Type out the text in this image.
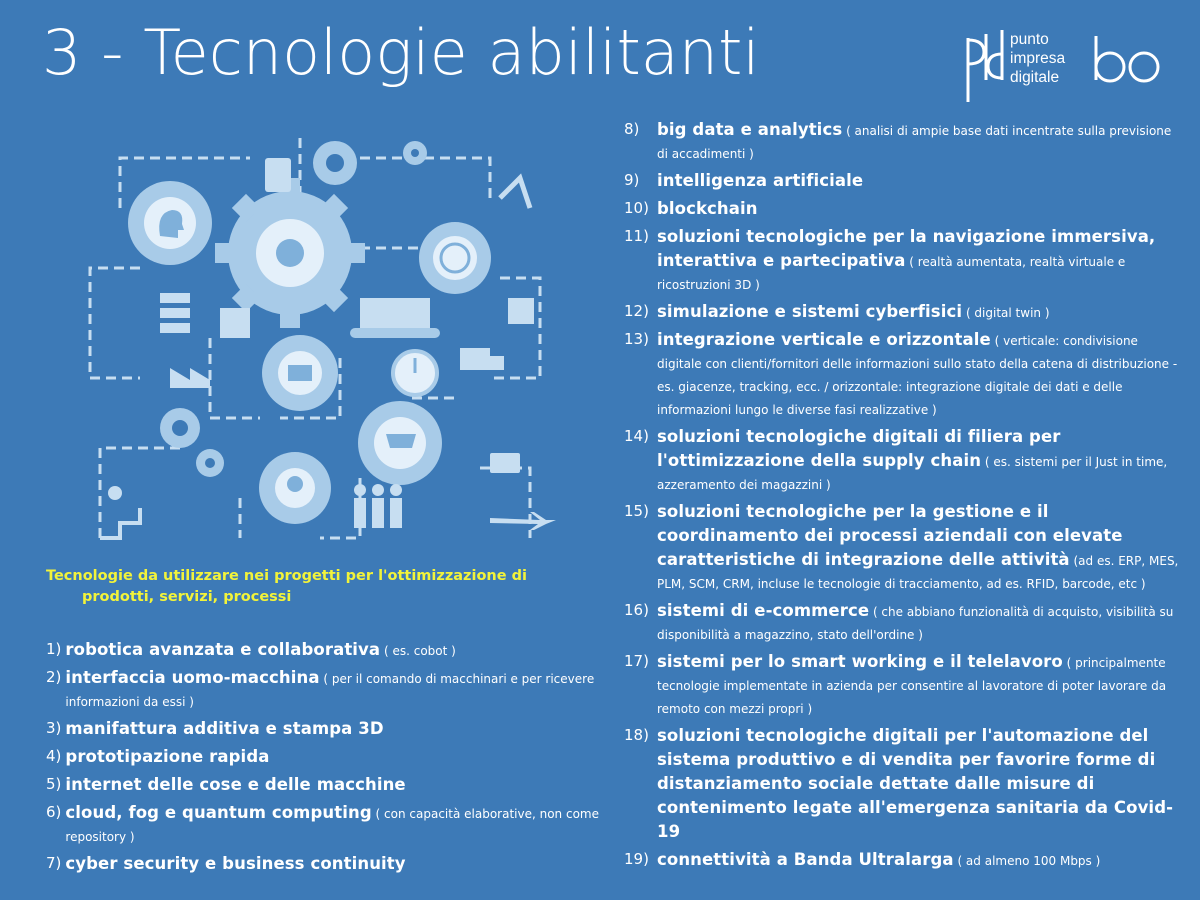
3 - Tecnologie abilitanti	punto
impresa
digitale
Tecnologie da utilizzare nei progetti per l'ottimizzazione di
prodotti, servizi, processi
1) robotica avanzata e collaborativa ( es. cobot )
2) interfaccia uomo-macchina ( per il comando di macchinari e per ricevere informazioni da essi )
3) manifattura additiva e stampa 3D
4) prototipazione rapida
5) internet delle cose e delle macchine
6) cloud, fog e quantum computing ( con capacità elaborative, non come repository )
7) cyber security e business continuity
8)	big data e analytics ( analisi di ampie base dati incentrate sulla previsione di accadimenti )
9)	intelligenza artificiale
10) blockchain
11) soluzioni tecnologiche per la navigazione immersiva, interattiva e partecipativa ( realtà aumentata, realtà virtuale e ricostruzioni 3D )
12) simulazione e sistemi cyberfisici ( digital twin )
13) integrazione verticale e orizzontale ( verticale: condivisione digitale con clienti/fornitori delle informazioni sullo stato della catena di distribuzione - es. giacenze, tracking, ecc. / orizzontale: integrazione digitale dei dati e delle informazioni lungo le diverse fasi realizzative )
14) soluzioni tecnologiche digitali di filiera per l'ottimizzazione della supply chain ( es. sistemi per il Just in time, azzeramento dei magazzini )
15) soluzioni tecnologiche per la gestione e il coordinamento dei processi aziendali con elevate caratteristiche di integrazione delle attività (ad es. ERP, MES, PLM, SCM, CRM, incluse le tecnologie di tracciamento, ad es. RFID, barcode, etc )
16) sistemi di e-commerce ( che abbiano funzionalità di acquisto, visibilità su disponibilità a magazzino, stato dell'ordine )
17) sistemi per lo smart working e il telelavoro ( principalmente tecnologie implementate in azienda per consentire al lavoratore di poter lavorare da remoto con mezzi propri )
18) soluzioni tecnologiche digitali per l'automazione del sistema produttivo e di vendita per favorire forme di distanziamento sociale dettate dalle misure di contenimento legate all'emergenza sanitaria da Covid-19
19) connettività a Banda Ultralarga ( ad almeno 100 Mbps )
